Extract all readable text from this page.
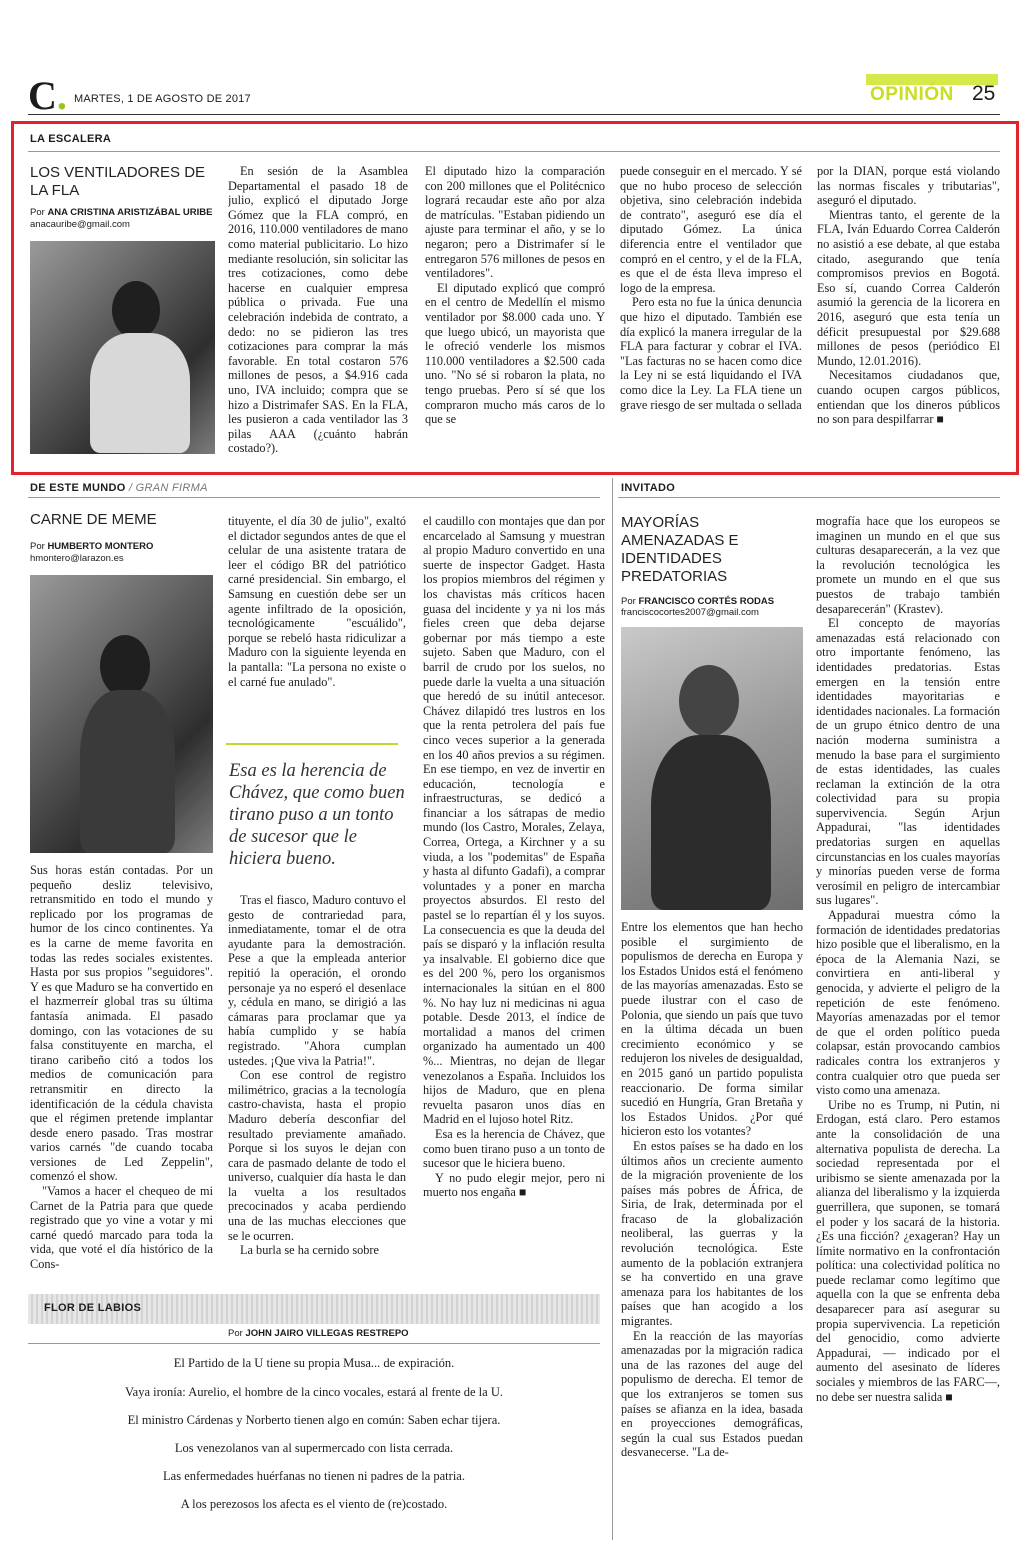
C. MARTES, 1 DE AGOSTO DE 2017	OPINIÓN 25
LA ESCALERA
LOS VENTILADORES DE LA FLA
Por ANA CRISTINA ARISTIZÁBAL URIBE
anacauribe@gmail.com

En sesión de la Asamblea Departamental el pasado 18 de julio, explicó el diputado Jorge Gómez que la FLA compró, en 2016, 110.000 ventiladores de mano como material publicitario. Lo hizo mediante resolución, sin solicitar las tres cotizaciones, como debe hacerse en cualquier empresa pública o privada. Fue una celebración indebida de contrato, a dedo: no se pidieron las tres cotizaciones para comprar la más favorable. En total costaron 576 millones de pesos, a $4.916 cada uno, IVA incluido; compra que se hizo a Distrimafer SAS. En la FLA, les pusieron a cada ventilador las 3 pilas AAA (¿cuánto habrán costado?).

El diputado hizo la comparación con 200 millones que el Politécnico logrará recaudar este año por alza de matrículas. "Estaban pidiendo un ajuste para terminar el año, y se lo negaron; pero a Distrimafer sí le entregaron 576 millones de pesos en ventiladores".

El diputado explicó que compró en el centro de Medellín el mismo ventilador por $8.000 cada uno. Y que luego ubicó, un mayorista que le ofreció venderle los mismos 110.000 ventiladores a $2.500 cada uno. "No sé si robaron la plata, no tengo pruebas. Pero sí sé que los compraron mucho más caros de lo que se

puede conseguir en el mercado. Y sé que no hubo proceso de selección objetiva, sino celebración indebida de contrato", aseguró ese día el diputado Gómez. La única diferencia entre el ventilador que compró en el centro, y el de la FLA, es que el de ésta lleva impreso el logo de la empresa.

Pero esta no fue la única denuncia que hizo el diputado. También ese día explicó la manera irregular de la FLA para facturar y cobrar el IVA. "Las facturas no se hacen como dice la Ley ni se está liquidando el IVA como dice la Ley. La FLA tiene un grave riesgo de ser multada o sellada

por la DIAN, porque está violando las normas fiscales y tributarias", aseguró el diputado.

Mientras tanto, el gerente de la FLA, Iván Eduardo Correa Calderón no asistió a ese debate, al que estaba citado, asegurando que tenía compromisos previos en Bogotá. Eso sí, cuando Correa Calderón asumió la gerencia de la licorera en 2016, aseguró que esta tenía un déficit presupuestal por $29.688 millones de pesos (periódico El Mundo, 12.01.2016).

Necesitamos ciudadanos que, cuando ocupen cargos públicos, entiendan que los dineros públicos no son para despilfarrar ■

DE ESTE MUNDO / GRAN FIRMA
CARNE DE MEME
Por HUMBERTO MONTERO
hmontero@larazon.es

Sus horas están contadas. Por un pequeño desliz televisivo, retransmitido en todo el mundo y replicado por los programas de humor de los cinco continentes. Ya es la carne de meme favorita en todas las redes sociales existentes. Hasta por sus propios "seguidores". Y es que Maduro se ha convertido en el hazmerreír global tras su última fantasía animada. El pasado domingo, con las votaciones de su falsa constituyente en marcha, el tirano caribeño citó a todos los medios de comunicación para retransmitir en directo la identificación de la cédula chavista que el régimen pretende implantar desde enero pasado. Tras mostrar varios carnés "de cuando tocaba versiones de Led Zeppelin", comenzó el show.

"Vamos a hacer el chequeo de mi Carnet de la Patria para que quede registrado que yo vine a votar y mi carné quedó marcado para toda la vida, que voté el día histórico de la Cons-

tituyente, el día 30 de julio", exaltó el dictador segundos antes de que el celular de una asistente tratara de leer el código BR del patriótico carné presidencial. Sin embargo, el Samsung en cuestión debe ser un agente infiltrado de la oposición, tecnológicamente "escuálido", porque se rebeló hasta ridiculizar a Maduro con la siguiente leyenda en la pantalla: "La persona no existe o el carné fue anulado".

Esa es la herencia de Chávez, que como buen tirano puso a un tonto de sucesor que le hiciera bueno.

Tras el fiasco, Maduro contuvo el gesto de contrariedad para, inmediatamente, tomar el de otra ayudante para la demostración. Pese a que la empleada anterior repitió la operación, el orondo personaje ya no esperó el desenlace y, cédula en mano, se dirigió a las cámaras para proclamar que ya había cumplido y se había registrado. "Ahora cumplan ustedes. ¡Que viva la Patria!".

Con ese control de registro milimétrico, gracias a la tecnología castro-chavista, hasta el propio Maduro debería desconfiar del resultado previamente amañado. Porque si los suyos le dejan con cara de pasmado delante de todo el universo, cualquier día hasta le dan la vuelta a los resultados precocinados y acaba perdiendo una de las muchas elecciones que se le ocurren.

La burla se ha cernido sobre

el caudillo con montajes que dan por encarcelado al Samsung y muestran al propio Maduro convertido en una suerte de inspector Gadget. Hasta los propios miembros del régimen y los chavistas más críticos hacen guasa del incidente y ya ni los más fieles creen que deba dejarse gobernar por más tiempo a este sujeto. Saben que Maduro, con el barril de crudo por los suelos, no puede darle la vuelta a una situación que heredó de su inútil antecesor. Chávez dilapidó tres lustros en los que la renta petrolera del país fue cinco veces superior a la generada en los 40 años previos a su régimen. En ese tiempo, en vez de invertir en educación, tecnología e infraestructuras, se dedicó a financiar a los sátrapas de medio mundo (los Castro, Morales, Zelaya, Correa, Ortega, a Kirchner y a su viuda, a los "podemitas" de España y hasta al difunto Gadafi), a comprar voluntades y a poner en marcha proyectos absurdos. El resto del pastel se lo repartían él y los suyos. La consecuencia es que la deuda del país se disparó y la inflación resulta ya insalvable. El gobierno dice que es del 200 %, pero los organismos internacionales la sitúan en el 800 %. No hay luz ni medicinas ni agua potable. Desde 2013, el índice de mortalidad a manos del crimen organizado ha aumentado un 400 %... Mientras, no dejan de llegar venezolanos a España. Incluidos los hijos de Maduro, que en plena revuelta pasaron unos días en Madrid en el lujoso hotel Ritz.

Esa es la herencia de Chávez, que como buen tirano puso a un tonto de sucesor que le hiciera bueno.

Y no pudo elegir mejor, pero ni muerto nos engaña ■

FLOR DE LABIOS
Por JOHN JAIRO VILLEGAS RESTREPO
El Partido de la U tiene su propia Musa... de expiración.
Vaya ironía: Aurelio, el hombre de la cinco vocales, estará al frente de la U.
El ministro Cárdenas y Norberto tienen algo en común: Saben echar tijera.
Los venezolanos van al supermercado con lista cerrada.
Las enfermedades huérfanas no tienen ni padres de la patria.
A los perezosos los afecta es el viento de (re)costado.
INVITADO
MAYORÍAS AMENAZADAS E IDENTIDADES PREDATORIAS
Por FRANCISCO CORTÉS RODAS
franciscocortes2007@gmail.com

Entre los elementos que han hecho posible el surgimiento de populismos de derecha en Europa y los Estados Unidos está el fenómeno de las mayorías amenazadas. Esto se puede ilustrar con el caso de Polonia, que siendo un país que tuvo en la última década un buen crecimiento económico y se redujeron los niveles de desigualdad, en 2015 ganó un partido populista reaccionario. De forma similar sucedió en Hungría, Gran Bretaña y los Estados Unidos. ¿Por qué hicieron esto los votantes?

En estos países se ha dado en los últimos años un creciente aumento de la migración proveniente de los países más pobres de África, de Siria, de Irak, determinada por el fracaso de la globalización neoliberal, las guerras y la revolución tecnológica. Este aumento de la población extranjera se ha convertido en una grave amenaza para los habitantes de los países que han acogido a los migrantes.

En la reacción de las mayorías amenazadas por la migración radica una de las razones del auge del populismo de derecha. El temor de que los extranjeros se tomen sus países se afianza en la idea, basada en proyecciones demográficas, según la cual sus Estados puedan desvanecerse. "La de-

mografía hace que los europeos se imaginen un mundo en el que sus culturas desaparecerán, a la vez que la revolución tecnológica les promete un mundo en el que sus puestos de trabajo también desaparecerán" (Krastev).

El concepto de mayorías amenazadas está relacionado con otro importante fenómeno, las identidades predatorias. Estas emergen en la tensión entre identidades mayoritarias e identidades nacionales. La formación de un grupo étnico dentro de una nación moderna suministra a menudo la base para el surgimiento de estas identidades, las cuales reclaman la extinción de la otra colectividad para su propia supervivencia. Según Arjun Appadurai, "las identidades predatorias surgen en aquellas circunstancias en los cuales mayorías y minorías pueden verse de forma verosímil en peligro de intercambiar sus lugares".

Appadurai muestra cómo la formación de identidades predatorias hizo posible que el liberalismo, en la época de la Alemania Nazi, se convirtiera en anti-liberal y genocida, y advierte el peligro de la repetición de este fenómeno. Mayorías amenazadas por el temor de que el orden político pueda colapsar, están provocando cambios radicales contra los extranjeros y contra cualquier otro que pueda ser visto como una amenaza.

Uribe no es Trump, ni Putin, ni Erdogan, está claro. Pero estamos ante la consolidación de una alternativa populista de derecha. La sociedad representada por el uribismo se siente amenazada por la alianza del liberalismo y la izquierda guerrillera, que suponen, se tomará el poder y los sacará de la historia. ¿Es una ficción? ¿exageran? Hay un límite normativo en la confrontación política: una colectividad política no puede reclamar como legítimo que aquella con la que se enfrenta deba desaparecer para así asegurar su propia supervivencia. La repetición del genocidio, como advierte Appadurai, — indicado por el aumento del asesinato de líderes sociales y miembros de las FARC—, no debe ser nuestra salida ■
